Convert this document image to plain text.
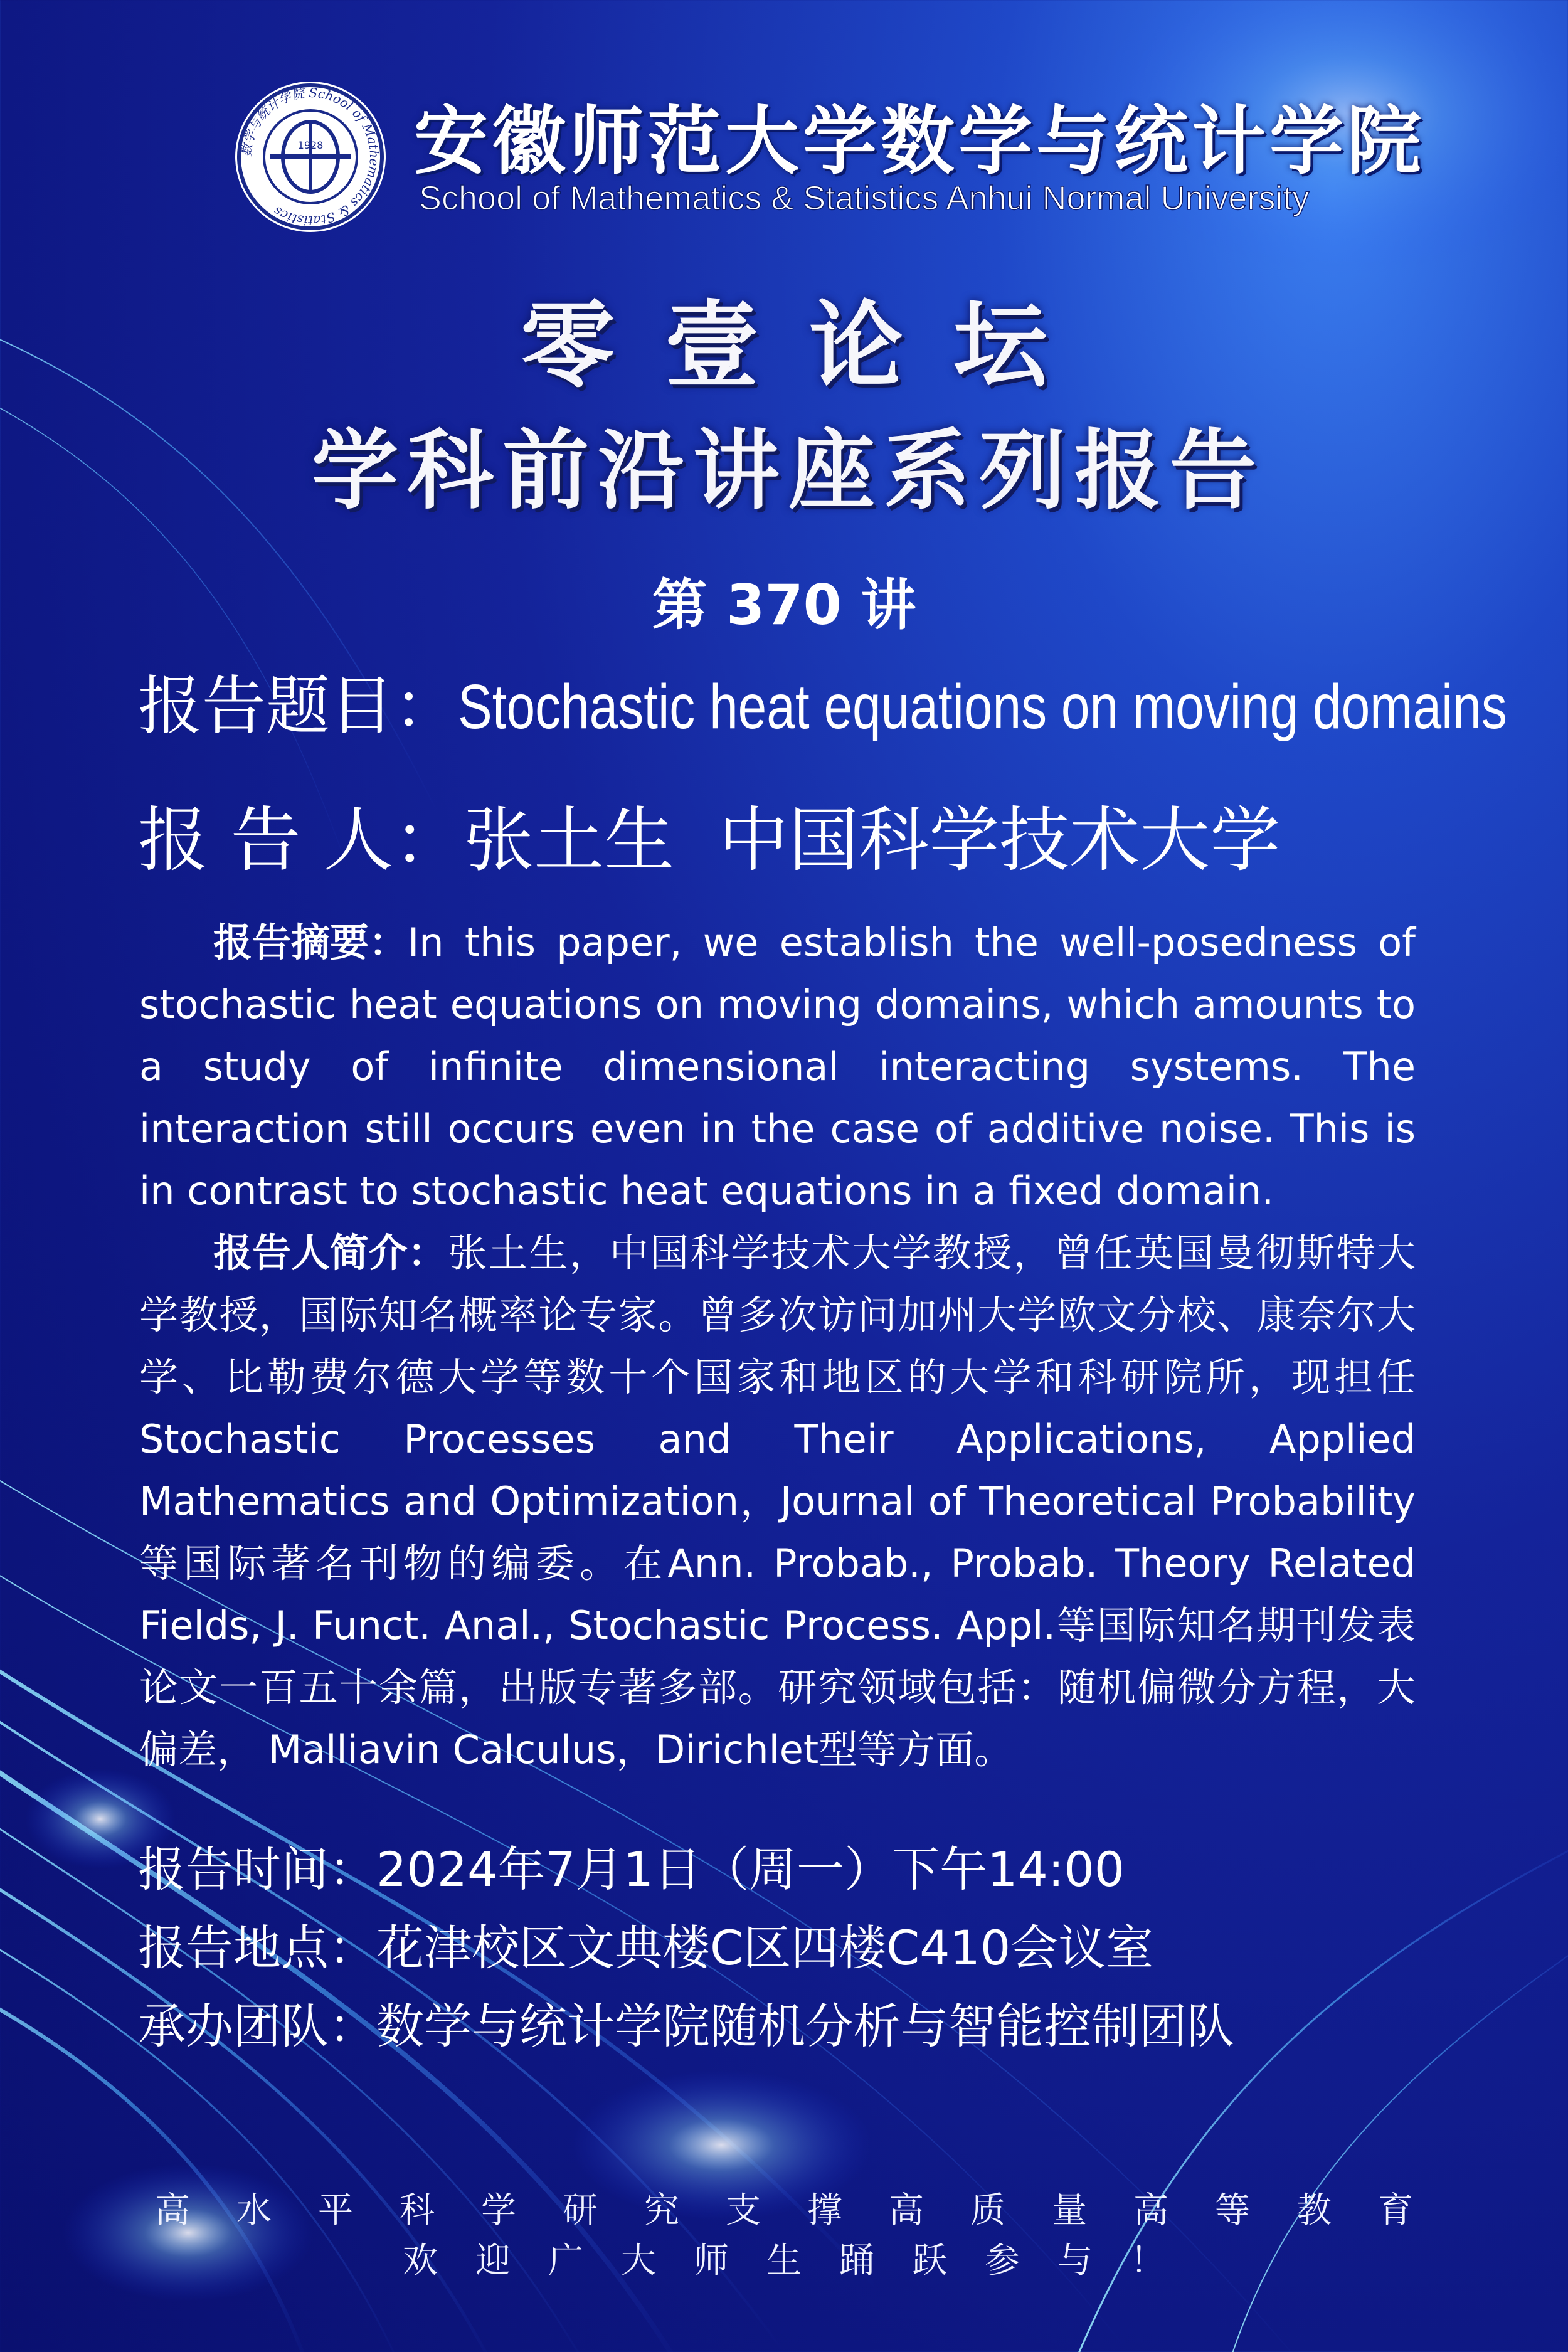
数学与统计学院 School of Mathematics & Statistics
1928 安徽师范大学数学与统计学院
School of Mathematics & Statistics Anhui Normal University
零壹论坛
学科前沿讲座系列报告
第 370 讲
报告题目：Stochastic heat equations on moving domains
报 告 人：张土生 中国科学技术大学

报告摘要：In this paper, we establish the well-posedness of stochastic heat equations on moving domains, which amounts to a study of infinite dimensional interacting systems. The interaction still occurs even in the case of additive noise. This is in contrast to stochastic heat equations in a fixed domain.

报告人简介：张土生，中国科学技术大学教授，曾任英国曼彻斯特大学教授，国际知名概率论专家。曾多次访问加州大学欧文分校、康奈尔大学、比勒费尔德大学等数十个国家和地区的大学和科研院所，现担任Stochastic Processes and Their Applications, Applied Mathematics and Optimization，Journal of Theoretical Probability等国际著名刊物的编委。在Ann. Probab., Probab. Theory Related Fields, J. Funct. Anal., Stochastic Process. Appl.等国际知名期刊发表论文一百五十余篇，出版专著多部。研究领域包括：随机偏微分方程，大偏差， Malliavin Calculus，Dirichlet型等方面。

报告时间：2024年7月1日（周一）下午14:00
报告地点：花津校区文典楼C区四楼C410会议室
承办团队：数学与统计学院随机分析与智能控制团队
高水平科学研究支撑高质量高等教育
欢迎广大师生踊跃参与！
